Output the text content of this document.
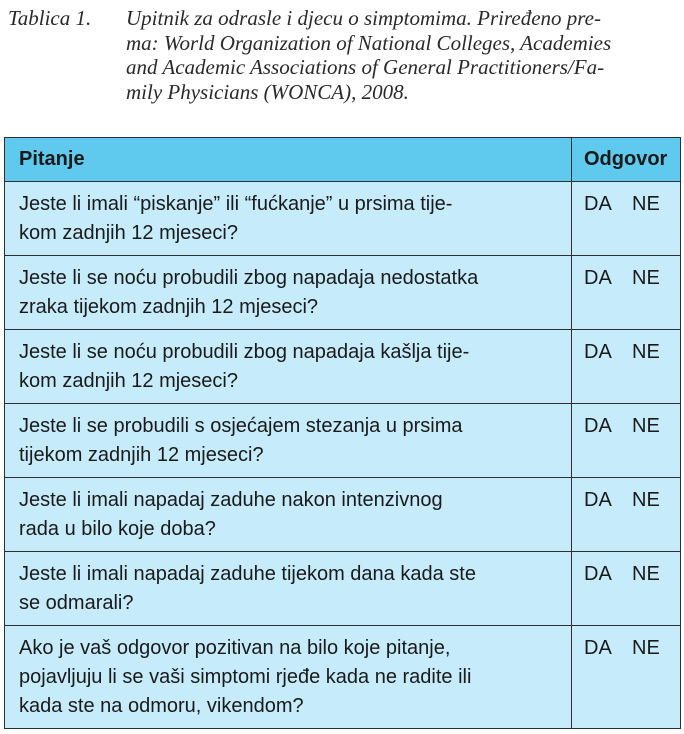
Tablica 1. Upitnik za odrasle i djecu o simptomima. Priređeno pre-
ma: World Organization of National Colleges, Academies
and Academic Associations of General Practitioners/Fa-
mily Physicians (WONCA), 2008.
Pitanje	Odgovor

Jeste li imali “piskanje” ili “fućkanje” u prsima tije-
kom zadnjih 12 mjeseci?	DA NE

Jeste li se noću probudili zbog napadaja nedostatka
zraka tijekom zadnjih 12 mjeseci?	DA NE

Jeste li se noću probudili zbog napadaja kašlja tije-
kom zadnjih 12 mjeseci?	DA NE

Jeste li se probudili s osjećajem stezanja u prsima
tijekom zadnjih 12 mjeseci?	DA NE

Jeste li imali napadaj zaduhe nakon intenzivnog
rada u bilo koje doba?	DA NE

Jeste li imali napadaj zaduhe tijekom dana kada ste
se odmarali?	DA NE

Ako je vaš odgovor pozitivan na bilo koje pitanje,
pojavljuju li se vaši simptomi rjeđe kada ne radite ili
kada ste na odmoru, vikendom?	DA NE
